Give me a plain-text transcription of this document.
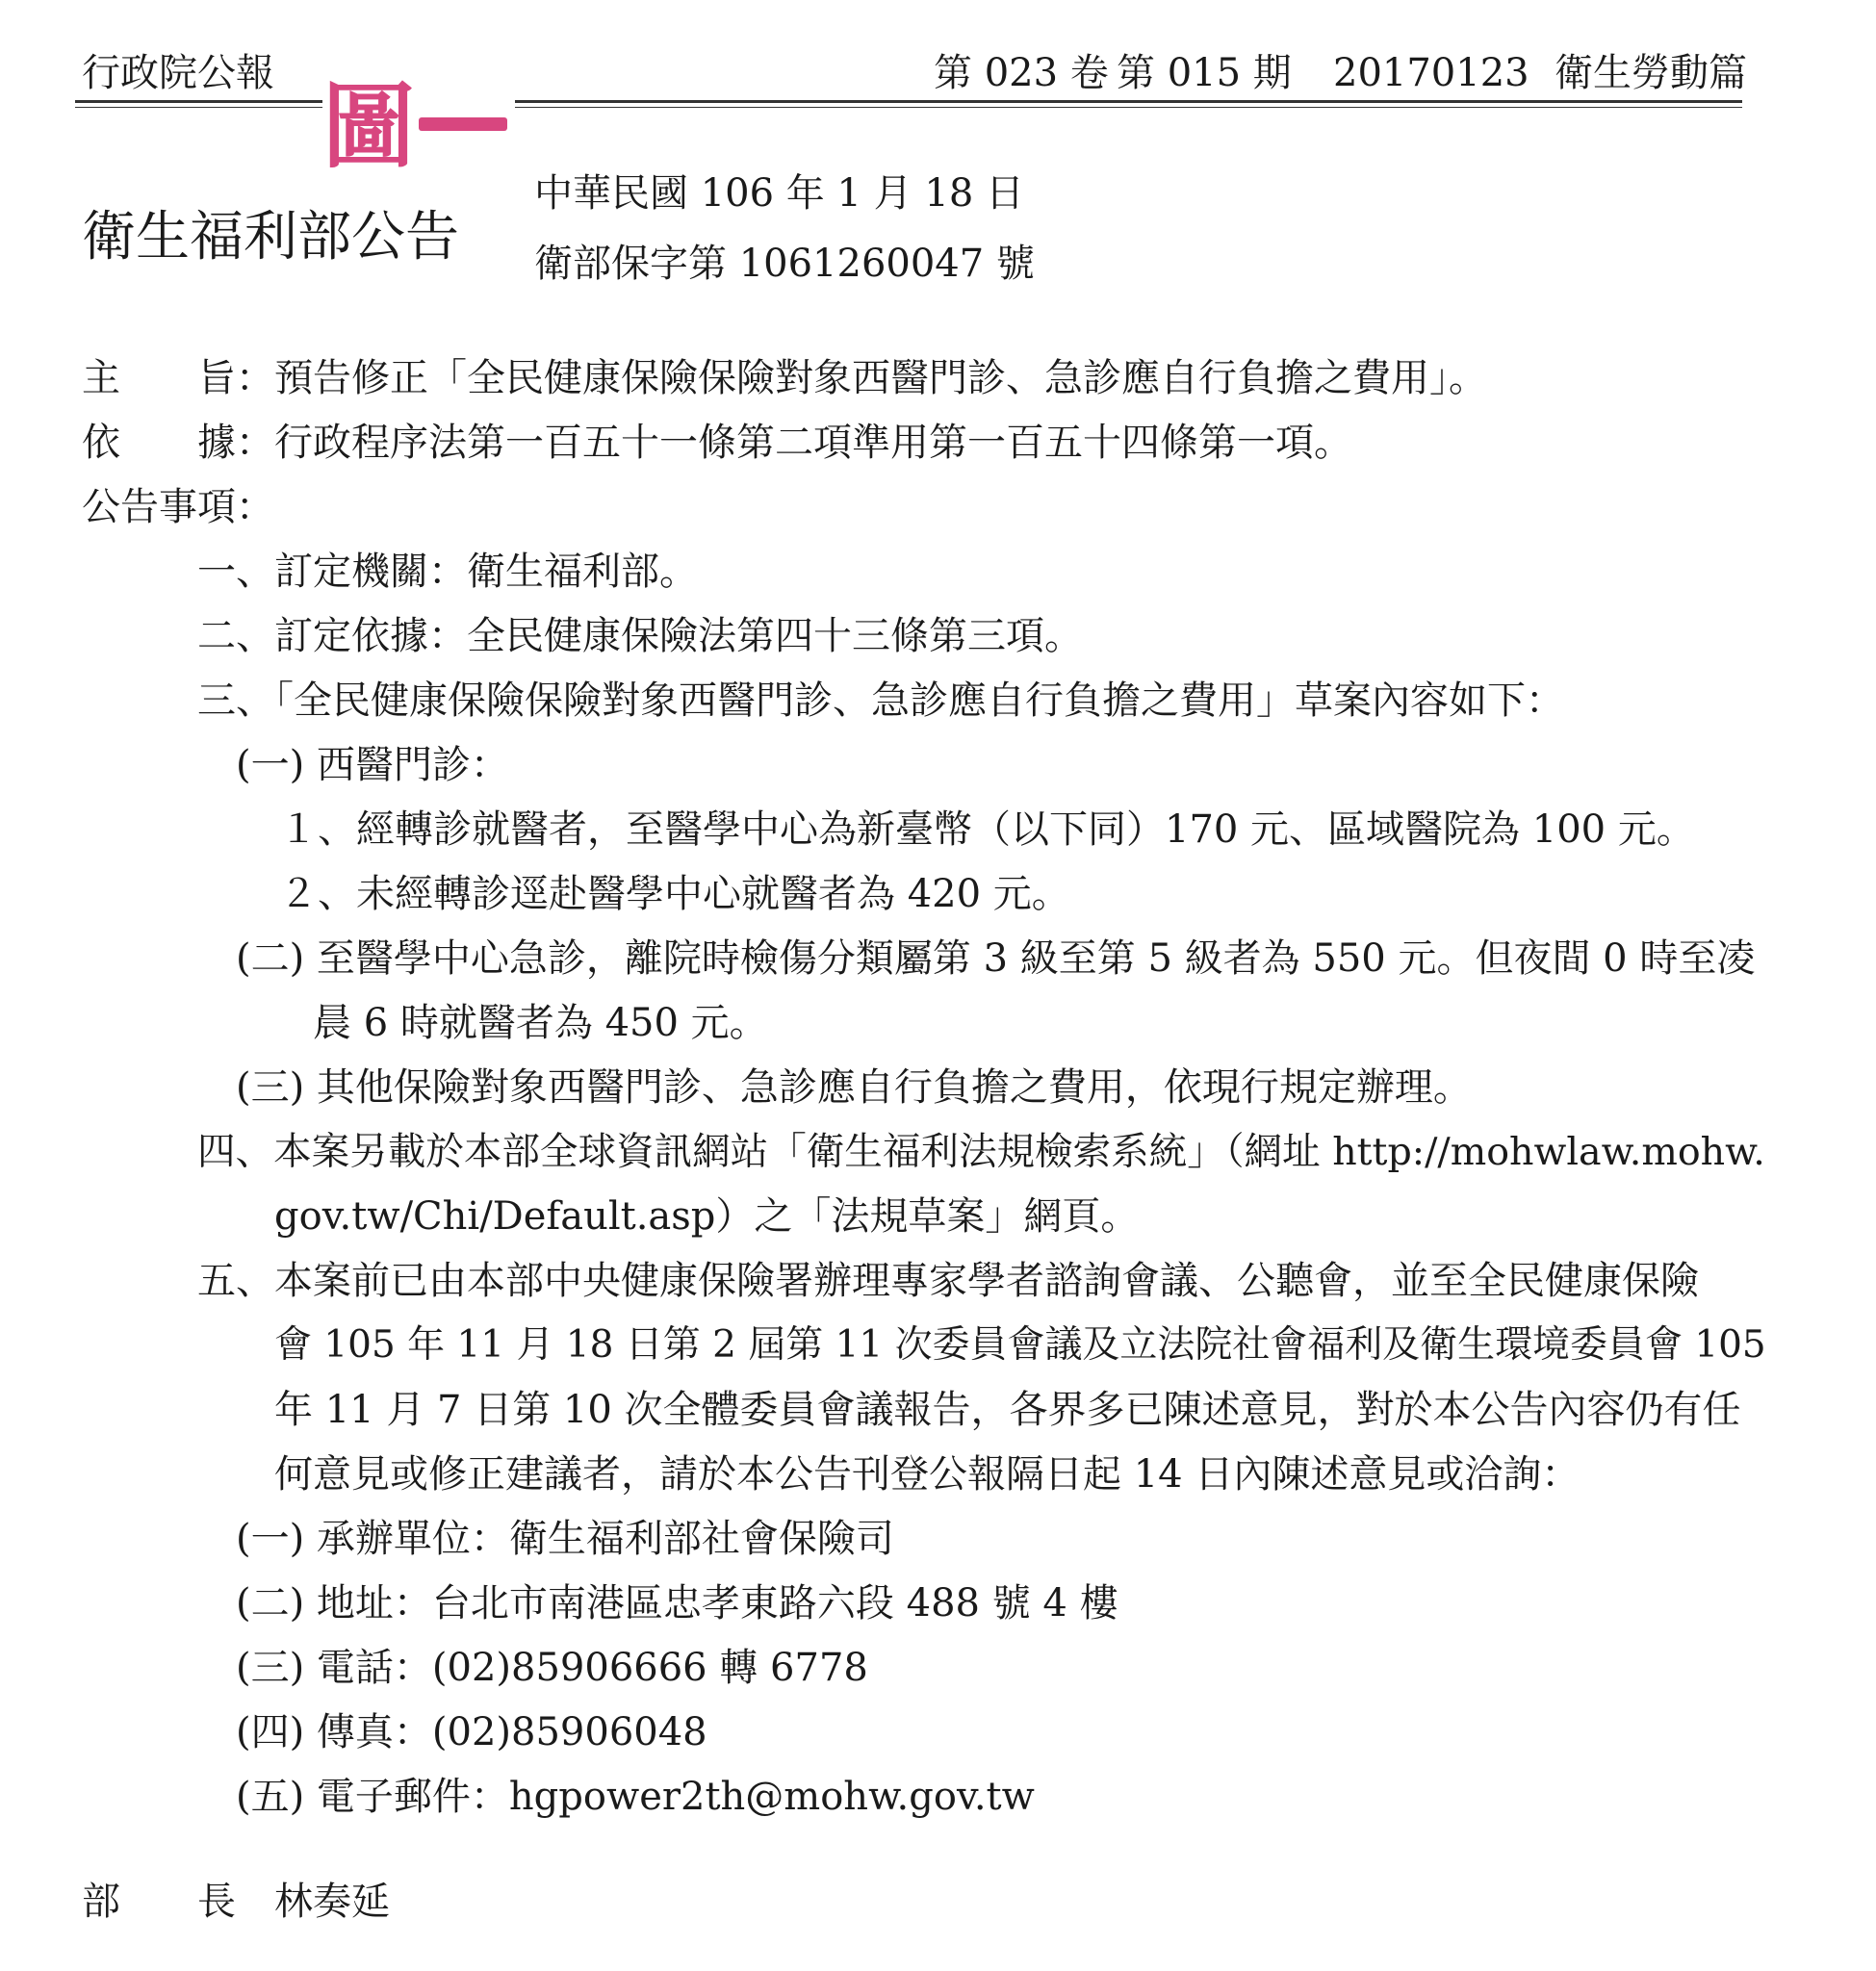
行政院公報	第 023 卷 第 015 期 20170123 衛生勞動篇
圖
衛生福利部公告
中華民國 106 年 1 月 18 日
衛部保字第 1061260047 號
主　　旨：預告修正「全民健康保險保險對象西醫門診、急診應自行負擔之費用」。
依　　據：行政程序法第一百五十一條第二項準用第一百五十四條第一項。
公告事項：
一、訂定機關：衛生福利部。
二、訂定依據：全民健康保險法第四十三條第三項。
三、「全民健康保險保險對象西醫門診、急診應自行負擔之費用」草案內容如下：
(一) 西醫門診：
１、經轉診就醫者，至醫學中心為新臺幣（以下同）170 元、區域醫院為 100 元。
２、未經轉診逕赴醫學中心就醫者為 420 元。
(二) 至醫學中心急診，離院時檢傷分類屬第 3 級至第 5 級者為 550 元。但夜間 0 時至凌
晨 6 時就醫者為 450 元。
(三) 其他保險對象西醫門診、急診應自行負擔之費用，依現行規定辦理。
四、本案另載於本部全球資訊網站「衛生福利法規檢索系統」（網址 http://mohwlaw.mohw.
gov.tw/Chi/Default.asp）之「法規草案」網頁。
五、本案前已由本部中央健康保險署辦理專家學者諮詢會議、公聽會，並至全民健康保險
會 105 年 11 月 18 日第 2 屆第 11 次委員會議及立法院社會福利及衛生環境委員會 105
年 11 月 7 日第 10 次全體委員會議報告，各界多已陳述意見，對於本公告內容仍有任
何意見或修正建議者，請於本公告刊登公報隔日起 14 日內陳述意見或洽詢：
(一) 承辦單位：衛生福利部社會保險司
(二) 地址：台北市南港區忠孝東路六段 488 號 4 樓
(三) 電話：(02)85906666 轉 6778
(四) 傳真：(02)85906048
(五) 電子郵件：hgpower2th@mohw.gov.tw
部　　長 林奏延
